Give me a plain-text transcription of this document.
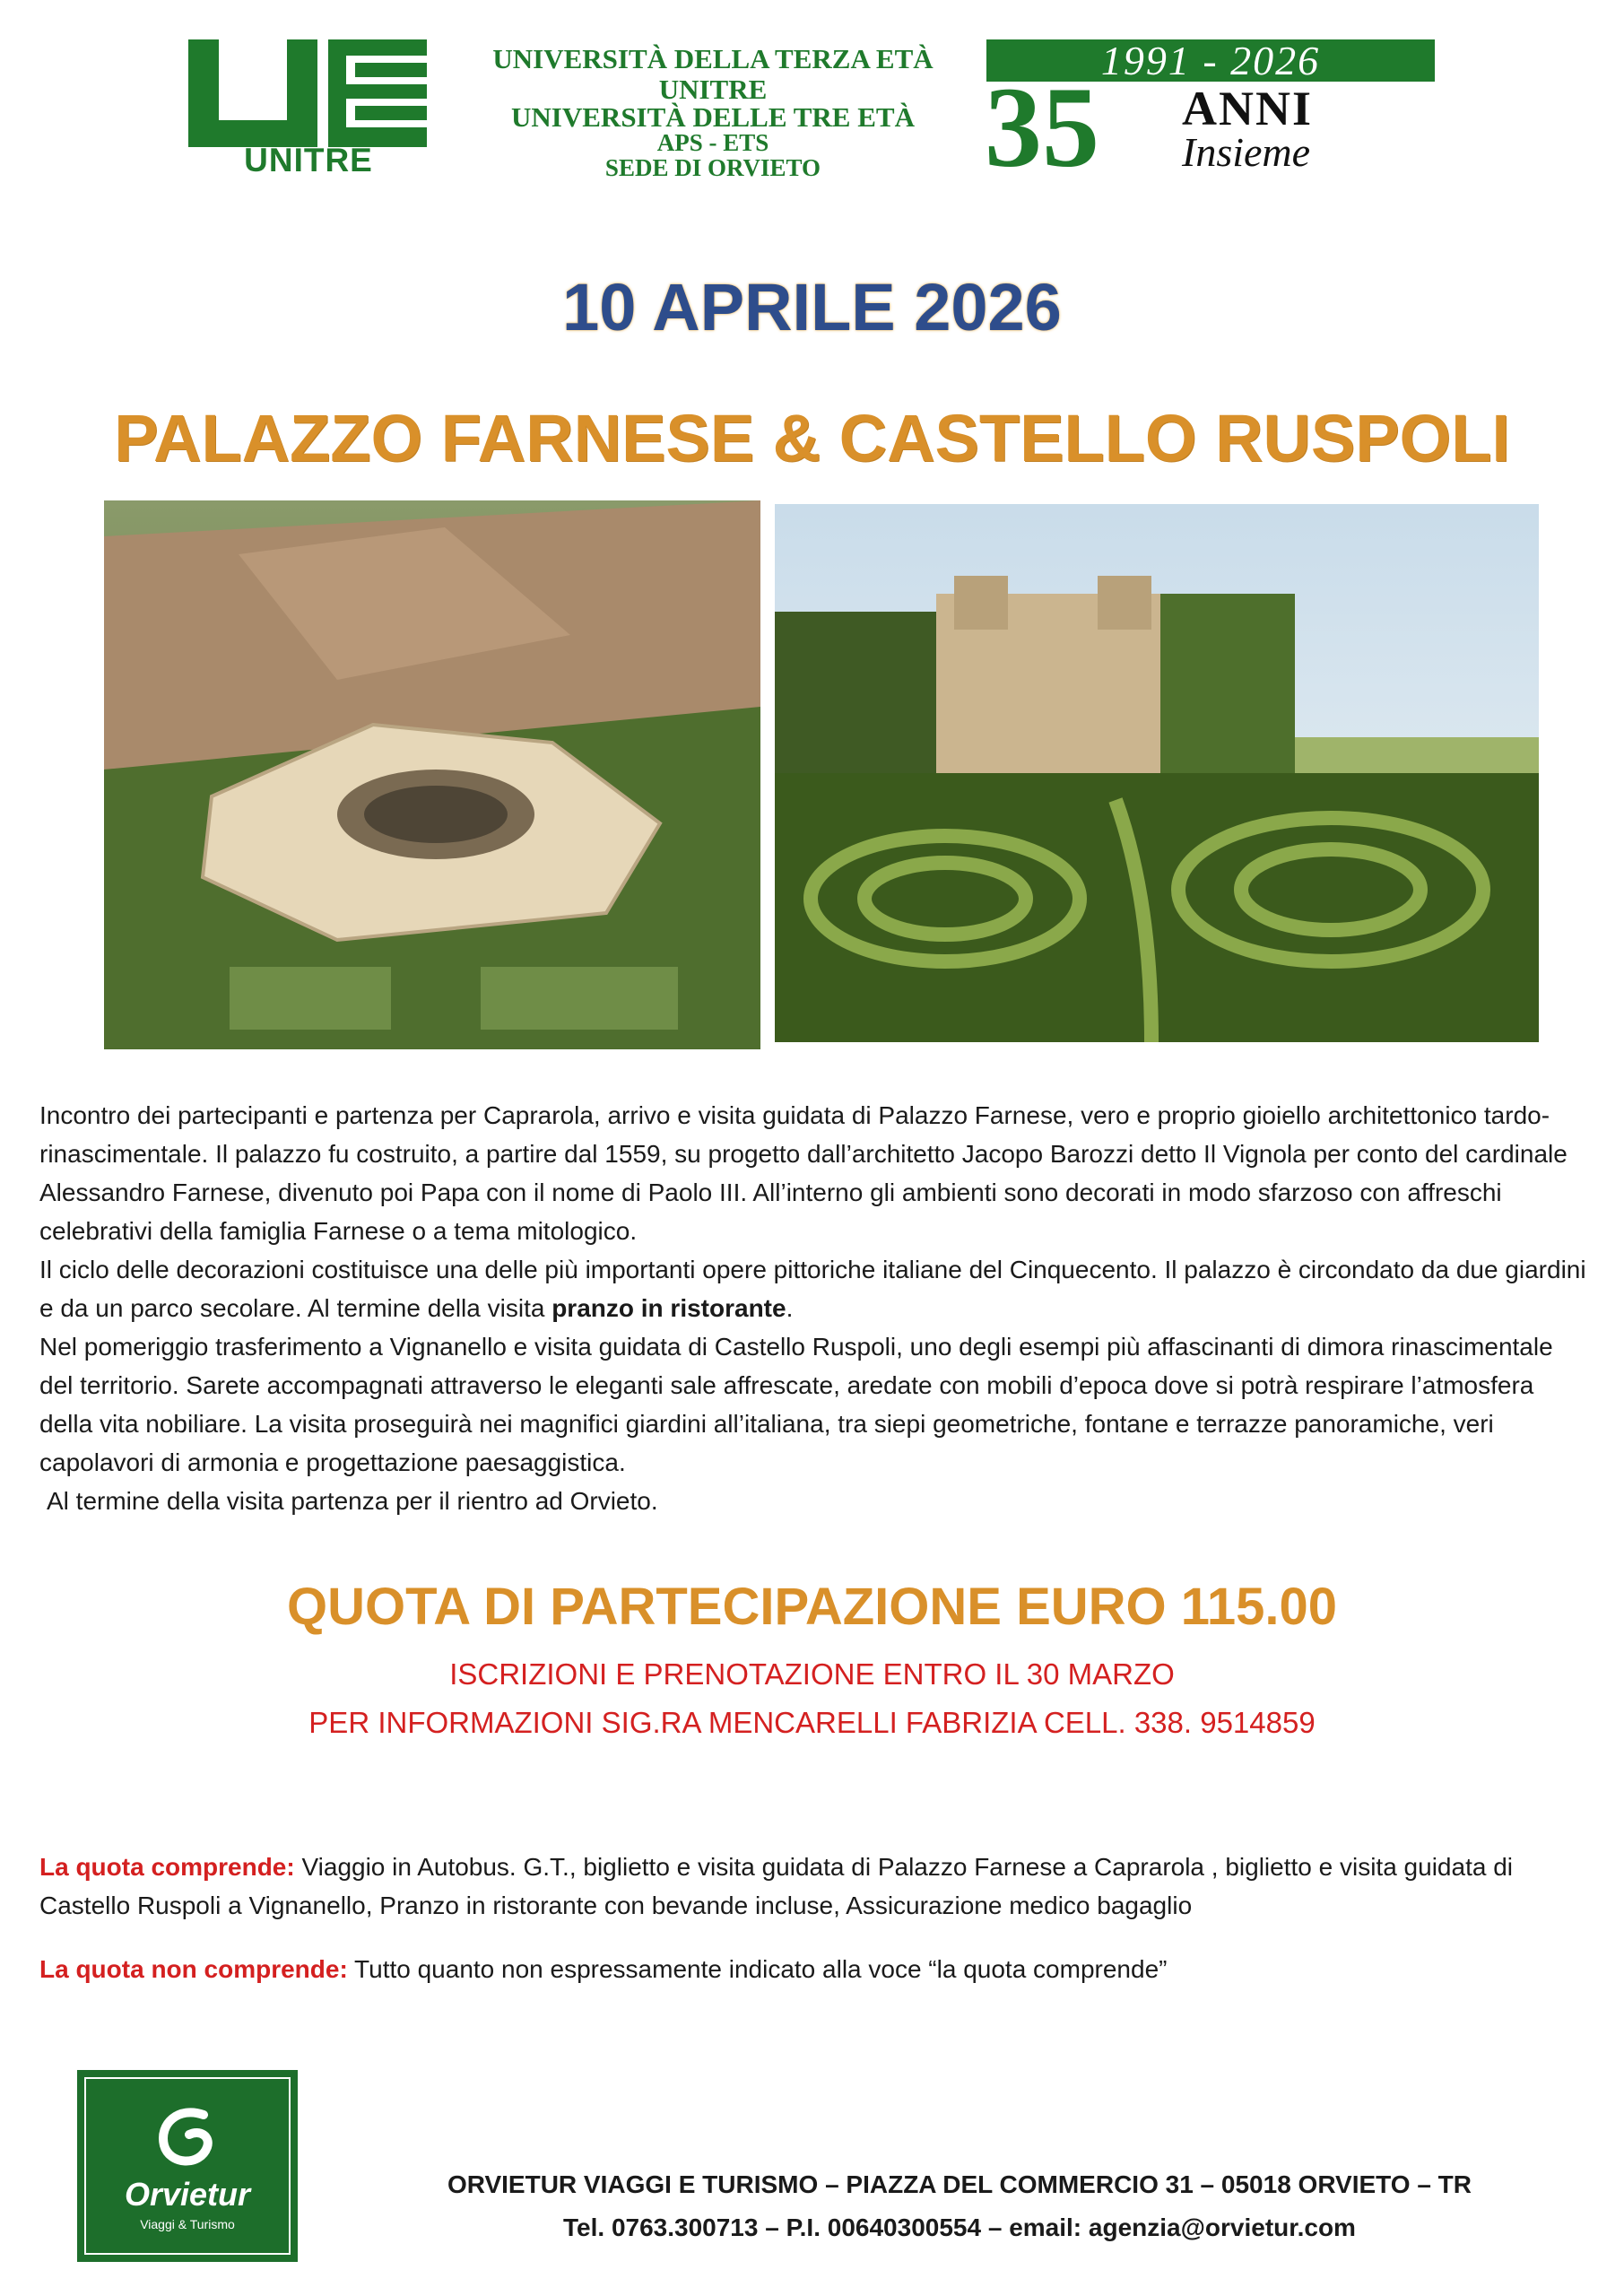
UNITRE
UNIVERSITÀ DELLA TERZA ETÀ
UNITRE
UNIVERSITÀ DELLE TRE ETÀ
APS - ETS
SEDE DI ORVIETO
1991 - 2026
35 ANNI
Insieme
10 APRILE 2026
PALAZZO FARNESE & CASTELLO RUSPOLI

Incontro dei partecipanti e partenza per Caprarola, arrivo e visita guidata di Palazzo Farnese, vero e proprio gioiello architettonico tardo-rinascimentale. Il palazzo fu costruito, a partire dal 1559, su progetto dall’architetto Jacopo Barozzi detto Il Vignola per conto del cardinale Alessandro Farnese, divenuto poi Papa con il nome di Paolo III. All’interno gli ambienti sono decorati in modo sfarzoso con affreschi celebrativi della famiglia Farnese o a tema mitologico.

Il ciclo delle decorazioni costituisce una delle più importanti opere pittoriche italiane del Cinquecento. Il palazzo è circondato da due giardini e da un parco secolare. Al termine della visita pranzo in ristorante.

Nel pomeriggio trasferimento a Vignanello e visita guidata di Castello Ruspoli, uno degli esempi più affascinanti di dimora rinascimentale del territorio. Sarete accompagnati attraverso le eleganti sale affrescate, aredate con mobili d’epoca dove si potrà respirare l’atmosfera della vita nobiliare. La visita proseguirà nei magnifici giardini all’italiana, tra siepi geometriche, fontane e terrazze panoramiche, veri capolavori di armonia e progettazione paesaggistica.

Al termine della visita partenza per il rientro ad Orvieto.

QUOTA DI PARTECIPAZIONE EURO 115.00
ISCRIZIONI E PRENOTAZIONE ENTRO IL 30 MARZO
PER INFORMAZIONI SIG.RA MENCARELLI FABRIZIA CELL. 338. 9514859
La quota comprende: Viaggio in Autobus. G.T., biglietto e visita guidata di Palazzo Farnese a Caprarola , biglietto e visita guidata di Castello Ruspoli a Vignanello, Pranzo in ristorante con bevande incluse, Assicurazione medico bagaglio
La quota non comprende: Tutto quanto non espressamente indicato alla voce “la quota comprende”
Orvietur
Viaggi & Turismo
ORVIETUR VIAGGI E TURISMO – PIAZZA DEL COMMERCIO 31 – 05018 ORVIETO – TR
Tel. 0763.300713 – P.I. 00640300554 – email: agenzia@orvietur.com
